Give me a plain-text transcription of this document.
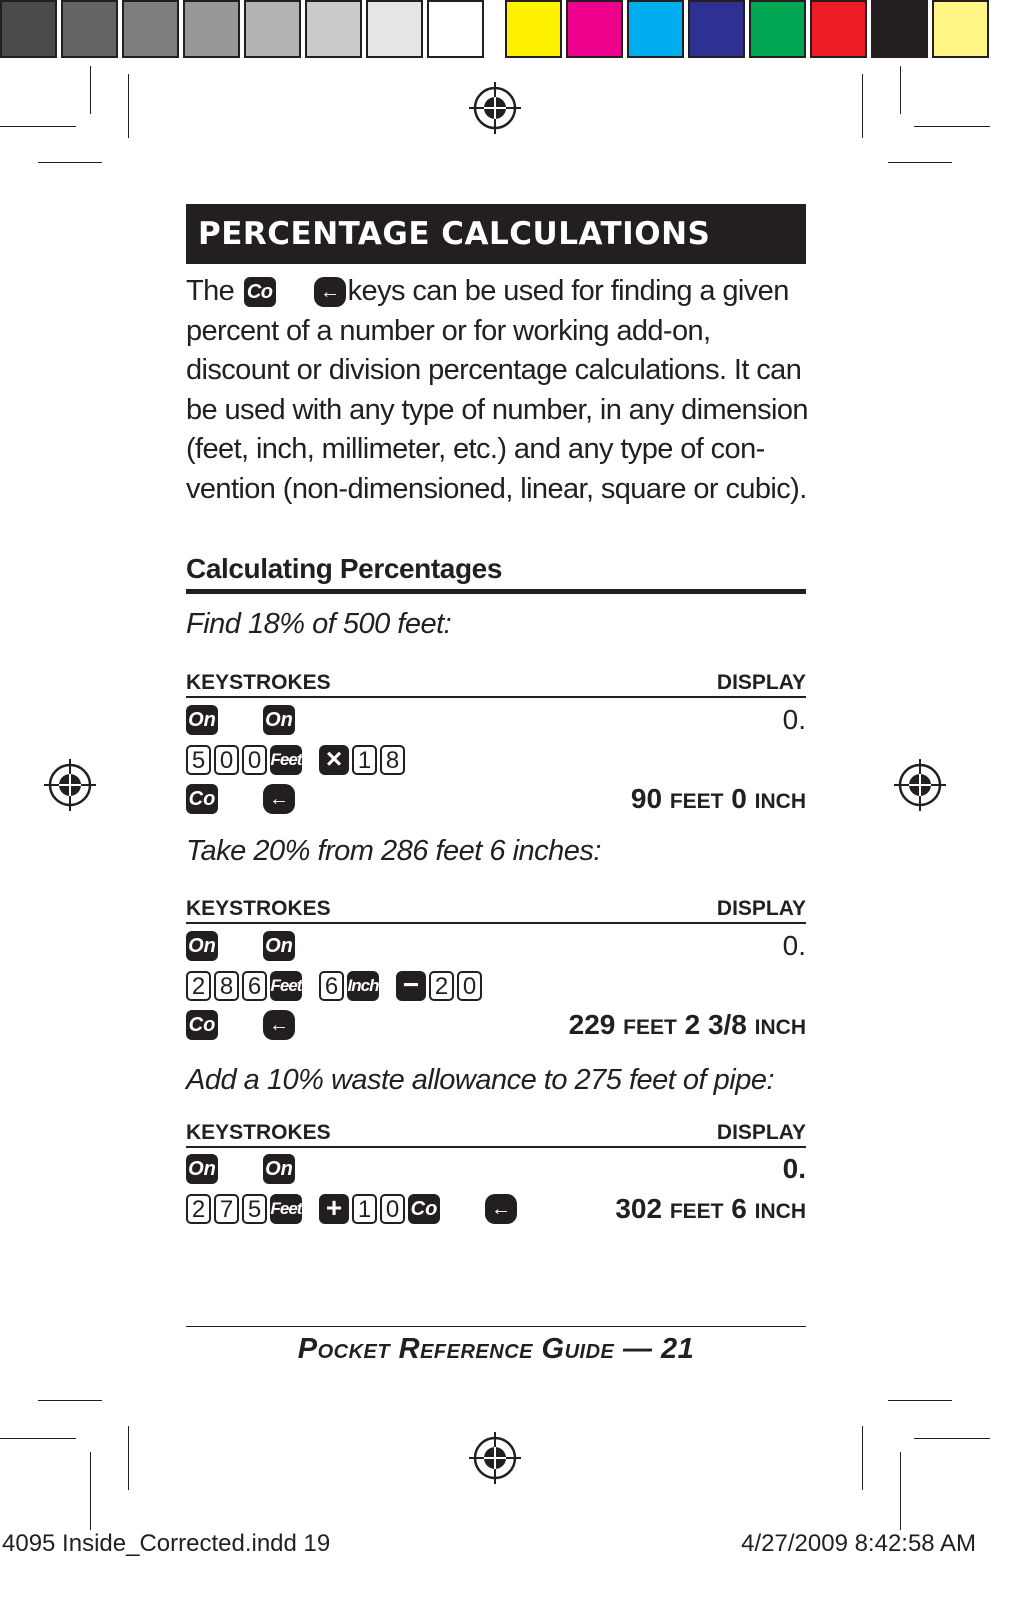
PERCENTAGE CALCULATIONS

The Co ← keys can be used for finding a given percent of a number or for working add-on, discount or division percentage calculations. It can be used with any type of number, in any dimension (feet, inch, millimeter, etc.) and any type of con-vention (non-dimensioned, linear, square or cubic).

Calculating Percentages
Find 18% of 500 feet:
KEYSTROKES	DISPLAY
On On	0.
5 0 0 Feet × 1 8
Co	←	90 FEET 0 INCH
Take 20% from 286 feet 6 inches:
KEYSTROKES	DISPLAY
On On	0.
2 8 6 Feet 6 Inch − 2 0
Co	←	229 FEET 2 3/8 INCH
Add a 10% waste allowance to 275 feet of pipe:
KEYSTROKES	DISPLAY
On On	0.
2 7 5 Feet + 1 0 Co	←	302 FEET 6 INCH
Pocket Reference Guide — 21
4095 Inside_Corrected.indd 19	4/27/2009 8:42:58 AM
